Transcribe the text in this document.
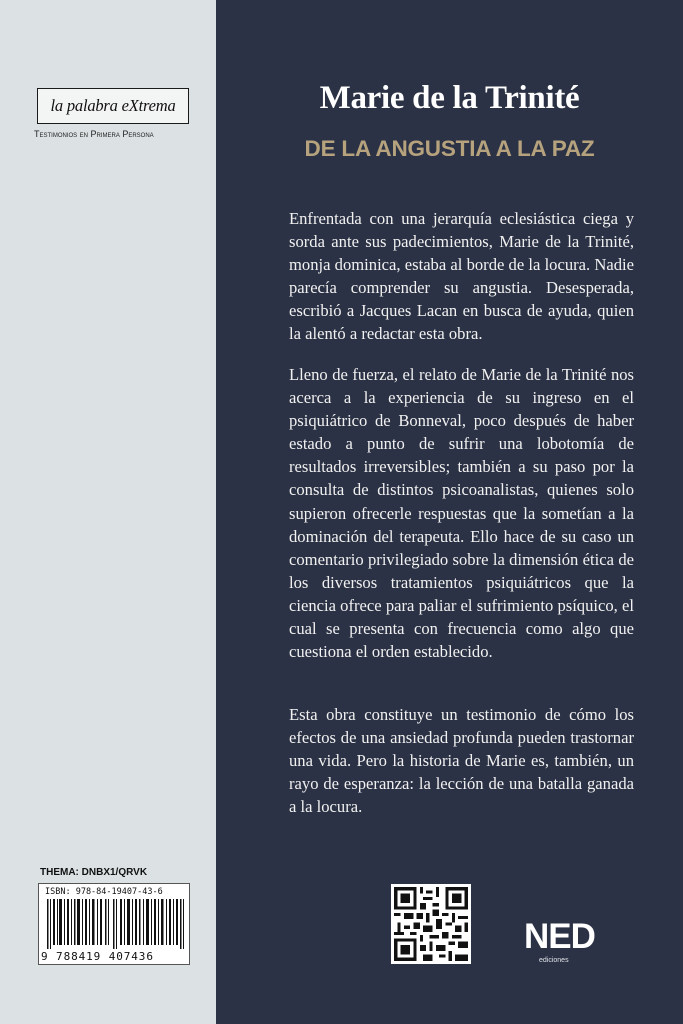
la palabra eXtrema
Testimonios en Primera Persona
THEMA: DNBX1/QRVK
ISBN: 978-84-19407-43-6
9 788419 407436
Marie de la Trinité
DE LA ANGUSTIA A LA PAZ

Enfrentada con una jerarquía eclesiástica ciega y sorda ante sus padecimientos, Marie de la Trinité, monja dominica, estaba al borde de la locura. Nadie parecía comprender su angustia. Desesperada, escribió a Jacques Lacan en busca de ayuda, quien la alentó a redactar esta obra.

Lleno de fuerza, el relato de Marie de la Trinité nos acerca a la experiencia de su ingreso en el psiquiátrico de Bonneval, poco después de haber estado a punto de sufrir una lobotomía de resultados irreversibles; también a su paso por la consulta de distintos psicoanalistas, quienes solo supieron ofrecerle respuestas que la sometían a la dominación del terapeuta. Ello hace de su caso un comentario privilegiado sobre la dimensión ética de los diversos tratamientos psiquiátricos que la ciencia ofrece para paliar el sufrimiento psíquico, el cual se presenta con frecuencia como algo que cuestiona el orden establecido.

Esta obra constituye un testimonio de cómo los efectos de una ansiedad profunda pueden trastornar una vida. Pero la historia de Marie es, también, un rayo de esperanza: la lección de una batalla ganada a la locura.

NED
ediciones
